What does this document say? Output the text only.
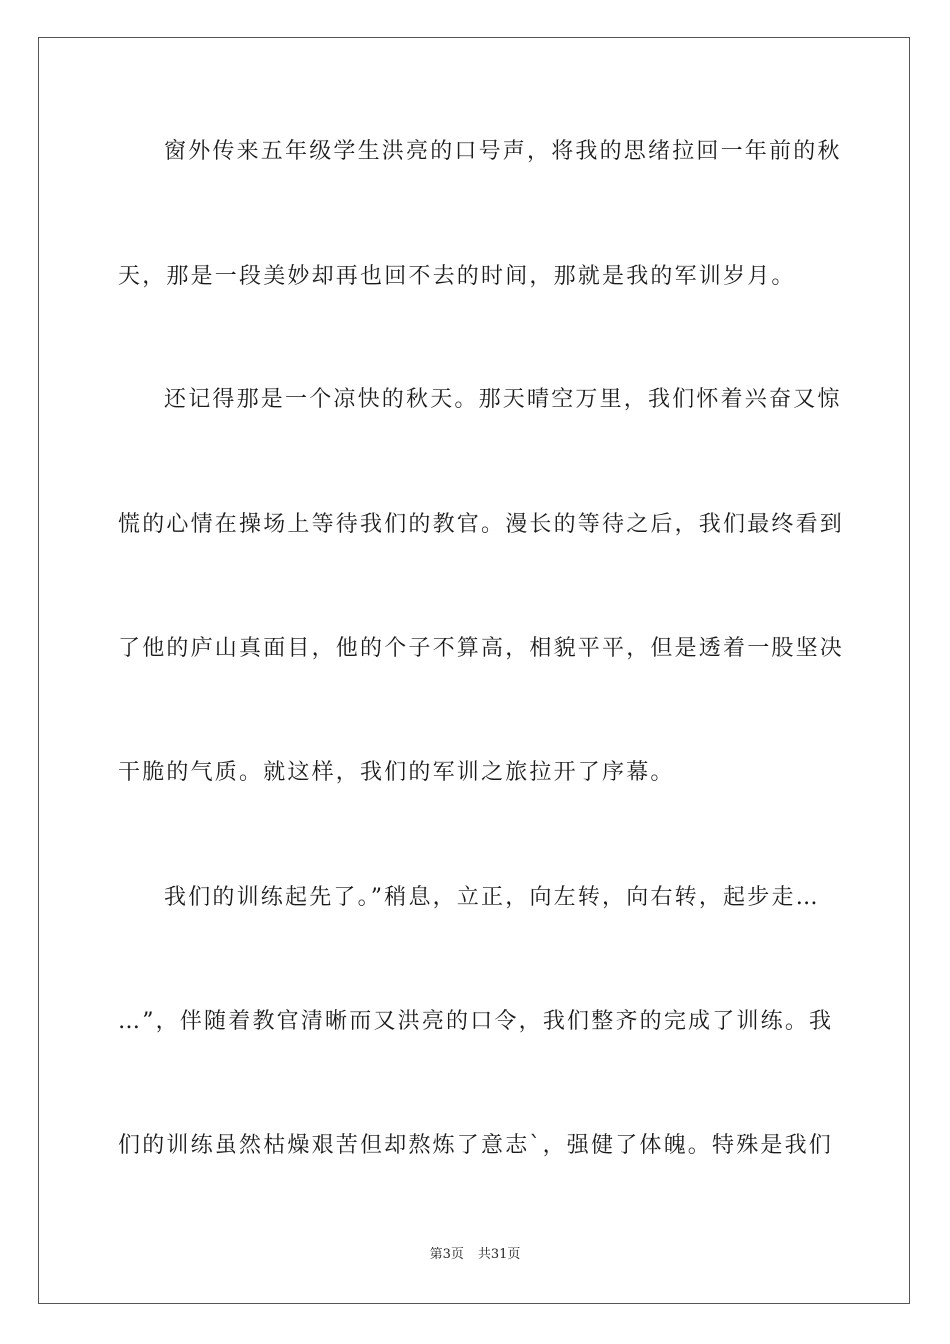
窗外传来五年级学生洪亮的口号声，将我的思绪拉回一年前的秋
天，那是一段美妙却再也回不去的时间，那就是我的军训岁月。
还记得那是一个凉快的秋天。那天晴空万里，我们怀着兴奋又惊
慌的心情在操场上等待我们的教官。漫长的等待之后，我们最终看到
了他的庐山真面目，他的个子不算高，相貌平平，但是透着一股坚决
干脆的气质。就这样，我们的军训之旅拉开了序幕。
我们的训练起先了。”稍息，立正，向左转，向右转，起步走…
…”，伴随着教官清晰而又洪亮的口令，我们整齐的完成了训练。我
们的训练虽然枯燥艰苦但却熬炼了意志`，强健了体魄。特殊是我们
第3页 共31页
